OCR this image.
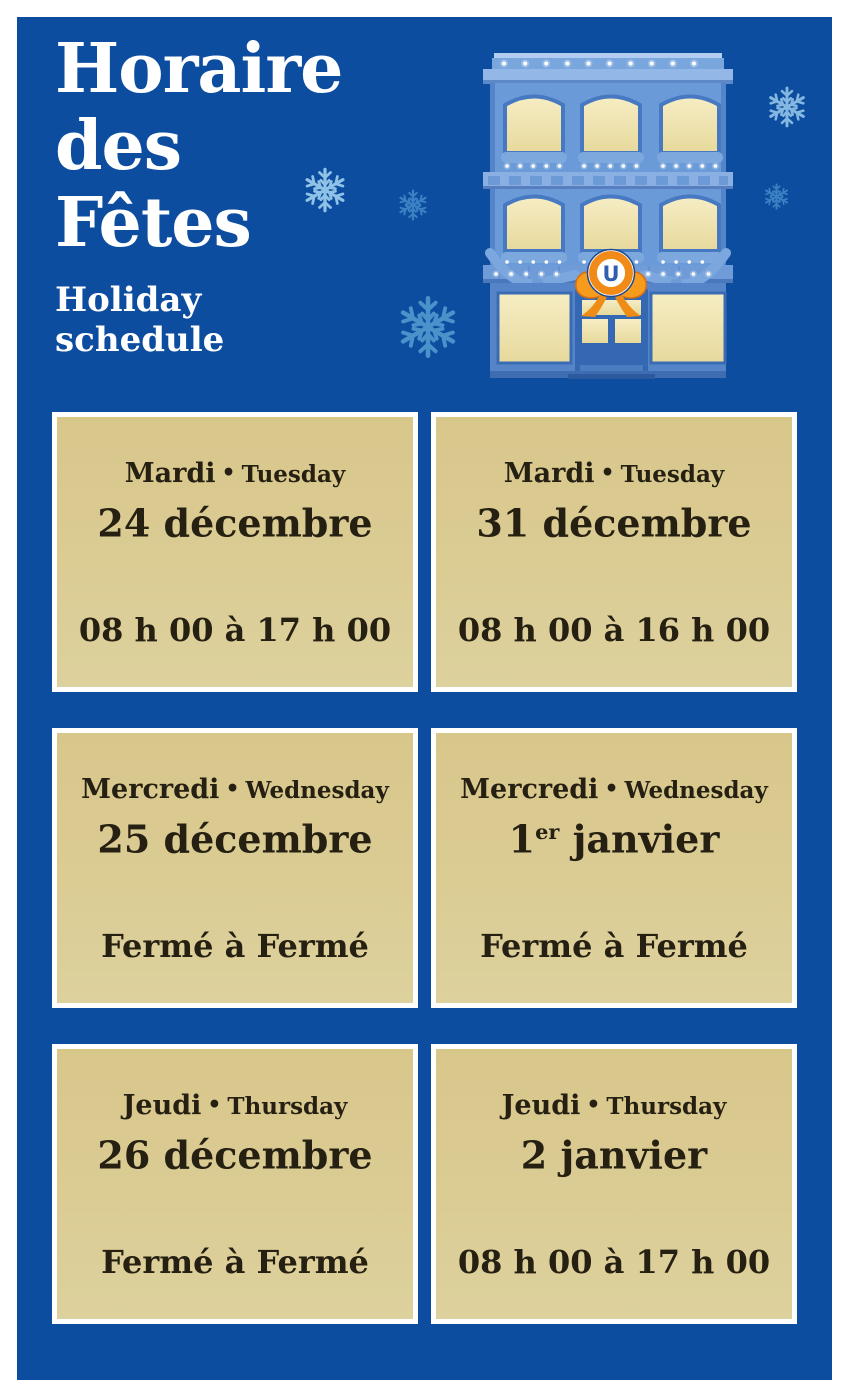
Horaire
des
Fêtes
Holiday
schedule
U
Mardi • Tuesday
24 décembre
08 h 00 à 17 h 00
Mardi • Tuesday
31 décembre
08 h 00 à 16 h 00
Mercredi • Wednesday
25 décembre
Fermé à Fermé
Mercredi • Wednesday
1er janvier
Fermé à Fermé
Jeudi • Thursday
26 décembre
Fermé à Fermé
Jeudi • Thursday
2 janvier
08 h 00 à 17 h 00
